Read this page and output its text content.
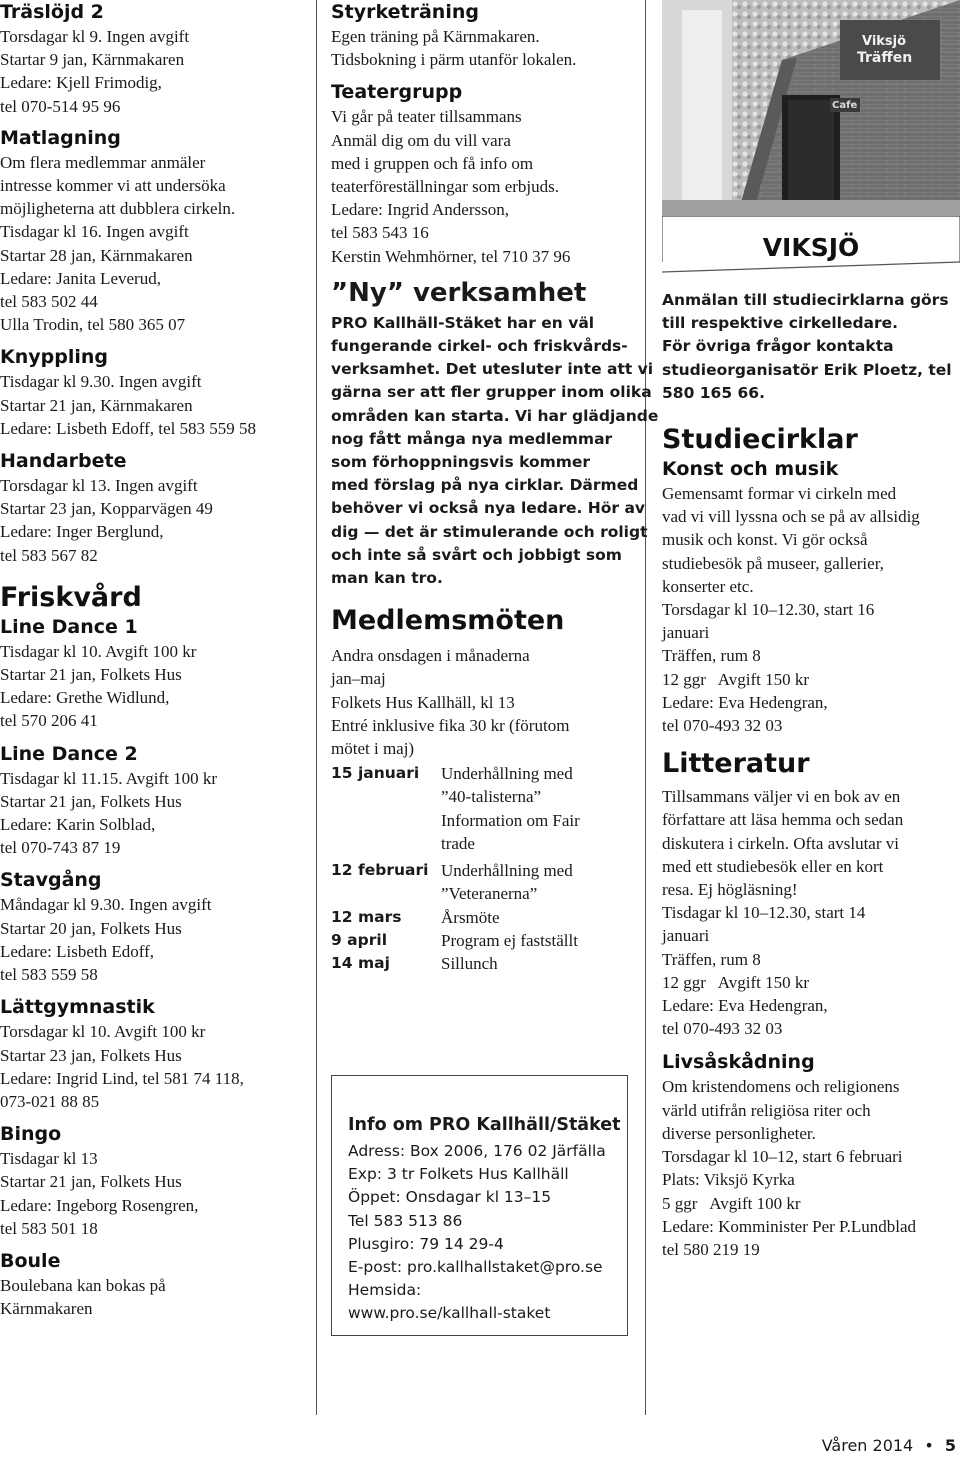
Träslöjd 2
Torsdagar kl 9. Ingen avgift
Startar 9 jan, Kärnmakaren
Ledare: Kjell Frimodig,
tel 070-514 95 96
Matlagning
Om flera medlemmar anmäler
intresse kommer vi att undersöka
möjligheterna att dubblera cirkeln.
Tisdagar kl 16. Ingen avgift
Startar 28 jan, Kärnmakaren
Ledare: Janita Leverud,
tel 583 502 44
Ulla Trodin, tel 580 365 07
Knyppling
Tisdagar kl 9.30. Ingen avgift
Startar 21 jan, Kärnmakaren
Ledare: Lisbeth Edoff, tel 583 559 58
Handarbete
Torsdagar kl 13. Ingen avgift
Startar 23 jan, Kopparvägen 49
Ledare: Inger Berglund,
tel 583 567 82
Friskvård
Line Dance 1
Tisdagar kl 10. Avgift 100 kr
Startar 21 jan, Folkets Hus
Ledare: Grethe Widlund,
tel 570 206 41
Line Dance 2
Tisdagar kl 11.15. Avgift 100 kr
Startar 21 jan, Folkets Hus
Ledare: Karin Solblad,
tel 070-743 87 19
Stavgång
Måndagar kl 9.30. Ingen avgift
Startar 20 jan, Folkets Hus
Ledare: Lisbeth Edoff,
tel 583 559 58
Lättgymnastik
Torsdagar kl 10. Avgift 100 kr
Startar 23 jan, Folkets Hus
Ledare: Ingrid Lind, tel 581 74 118,
073-021 88 85
Bingo
Tisdagar kl 13
Startar 21 jan, Folkets Hus
Ledare: Ingeborg Rosengren,
tel 583 501 18
Boule
Boulebana kan bokas på
Kärnmakaren
Styrketräning
Egen träning på Kärnmakaren.
Tidsbokning i pärm utanför lokalen.
Teatergrupp
Vi går på teater tillsammans
Anmäl dig om du vill vara
med i gruppen och få info om
teaterföreställningar som erbjuds.
Ledare: Ingrid Andersson,
tel 583 543 16
Kerstin Wehmhörner, tel 710 37 96
”Ny” verksamhet
PRO Kallhäll-Stäket har en väl
fungerande cirkel- och friskvårds-
verksamhet. Det utesluter inte att vi
gärna ser att fler grupper inom olika
områden kan starta. Vi har glädjande
nog fått många nya medlemmar
som förhoppningsvis kommer
med förslag på nya cirklar. Därmed
behöver vi också nya ledare. Hör av
dig — det är stimulerande och roligt
och inte så svårt och jobbigt som
man kan tro.
Medlemsmöten
Andra onsdagen i månaderna
jan–maj
Folkets Hus Kallhäll, kl 13
Entré inklusive fika 30 kr (förutom
mötet i maj)
15 januari	Underhållning med
”40-talisterna”
Information om Fair
trade
12 februari Underhållning med
”Veteranerna”
12 mars	Årsmöte
9 april	Program ej fastställt
14 maj	Sillunch
Info om PRO Kallhäll/Stäket
Adress: Box 2006, 176 02 Järfälla
Exp: 3 tr Folkets Hus Kallhäll
Öppet: Onsdagar kl 13–15
Tel 583 513 86
Plusgiro: 79 14 29-4
E-post: pro.kallhallstaket@pro.se
Hemsida:
www.pro.se/kallhall-staket
Viksjö
Träffen
Cafe
VIKSJÖ
Anmälan till studiecirklarna görs
till respektive cirkelledare.
För övriga frågor kontakta
studieorganisatör Erik Ploetz, tel
580 165 66.
Studiecirklar
Konst och musik
Gemensamt formar vi cirkeln med
vad vi vill lyssna och se på av allsidig
musik och konst. Vi gör också
studiebesök på museer, gallerier,
konserter etc.
Torsdagar kl 10–12.30, start 16
januari
Träffen, rum 8
12 ggr   Avgift 150 kr
Ledare: Eva Hedengran,
tel 070-493 32 03
Litteratur
Tillsammans väljer vi en bok av en
författare att läsa hemma och sedan
diskutera i cirkeln. Ofta avslutar vi
med ett studiebesök eller en kort
resa. Ej högläsning!
Tisdagar kl 10–12.30, start 14
januari
Träffen, rum 8
12 ggr   Avgift 150 kr
Ledare: Eva Hedengran,
tel 070-493 32 03
Livsåskådning
Om kristendomens och religionens
värld utifrån religiösa riter och
diverse personligheter.
Torsdagar kl 10–12, start 6 februari
Plats: Viksjö Kyrka
5 ggr   Avgift 100 kr
Ledare: Komminister Per P.Lundblad
tel 580 219 19
Våren 2014 • 5
